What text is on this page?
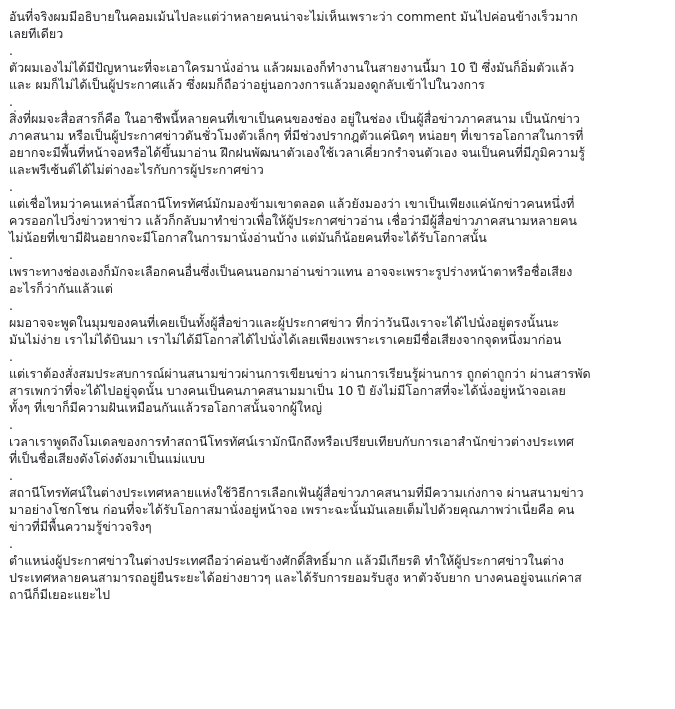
อันที่จริงผมมีอธิบายในคอมเม้นไปละแต่ว่าหลายคนน่าจะไม่เห็นเพราะว่า comment มันไปค่อนข้างเร็วมาก
เลยทีเดียว
.
ตัวผมเองไม่ได้มีปัญหานะที่จะเอาใครมานั่งอ่าน แล้วผมเองก็ทำงานในสายงานนี้มา 10 ปี ซึ่งมันก็อิ่มตัวแล้ว
และ ผมก็ไม่ได้เป็นผู้ประกาศแล้ว ซึ่งผมก็ถือว่าอยู่นอกวงการแล้วมองดูกลับเข้าไปในวงการ
.
สิ่งที่ผมจะสื่อสารก็คือ ในอาชีพนี้หลายคนที่เขาเป็นคนของช่อง อยู่ในช่อง เป็นผู้สื่อข่าวภาคสนาม เป็นนักข่าว
ภาคสนาม หรือเป็นผู้ประกาศข่าวดันชั่วโมงตัวเล็กๆ ที่มีช่วงปรากฎตัวแค่นิดๆ หน่อยๆ ที่เขารอโอกาสในการที่
อยากจะมีพื้นที่หน้าจอหรือได้ขึ้นมาอ่าน ฝึกฝนพัฒนาตัวเองใช้เวลาเคี่ยวกรำจนตัวเอง จนเป็นคนที่มีภูมิความรู้
และพรีเซ้นต์ได้ไม่ต่างอะไรกับการผู้ประกาศข่าว
.
แต่เชื่อไหมว่าคนเหล่านี้สถานีโทรทัศน์มักมองข้ามเขาตลอด แล้วยังมองว่า เขาเป็นเพียงแค่นักข่าวคนหนึ่งที่
ควรออกไปวิ่งข่าวหาข่าว แล้วก็กลับมาทำข่าวเพื่อให้ผู้ประกาศข่าวอ่าน เชื่อว่ามีผู้สื่อข่าวภาคสนามหลายคน
ไม่น้อยที่เขามีฝันอยากจะมีโอกาสในการมานั่งอ่านบ้าง แต่มันก็น้อยคนที่จะได้รับโอกาสนั้น
.
เพราะทางช่องเองก็มักจะเลือกคนอื่นซึ่งเป็นคนนอกมาอ่านข่าวแทน อาจจะเพราะรูปร่างหน้าตาหรือชื่อเสียง
อะไรก็ว่ากันแล้วแต่
.
ผมอาจจะพูดในมุมของคนที่เคยเป็นทั้งผู้สื่อข่าวและผู้ประกาศข่าว ที่กว่าวันนึงเราจะได้ไปนั่งอยู่ตรงนั้นนะ
มันไม่ง่าย เราไม่ได้บินมา เราไม่ได้มีโอกาสได้ไปนั่งได้เลยเพียงเพราะเราเคยมีชื่อเสียงจากจุดหนึ่งมาก่อน
.
แต่เราต้องสั่งสมประสบการณ์ผ่านสนามข่าวผ่านการเขียนข่าว ผ่านการเรียนรู้ผ่านการ ถูกด่าถูกว่า ผ่านสารพัด
สารเพกว่าที่จะได้ไปอยู่จุดนั้น บางคนเป็นคนภาคสนามมาเป็น 10 ปี ยังไม่มีโอกาสที่จะได้นั่งอยู่หน้าจอเลย
ทั้งๆ ที่เขาก็มีความฝันเหมือนกันแล้วรอโอกาสนั้นจากผู้ใหญ่
.
เวลาเราพูดถึงโมเดลของการทำสถานีโทรทัศน์เรามักนึกถึงหรือเปรียบเทียบกับการเอาสำนักข่าวต่างประเทศ
ที่เป็นชื่อเสียงดังโด่งดังมาเป็นแม่แบบ
.
สถานีโทรทัศน์ในต่างประเทศหลายแห่งใช้วิธีการเลือกเฟ้นผู้สื่อข่าวภาคสนามที่มีความเก่งกาจ ผ่านสนามข่าว
มาอย่างโชกโชน ก่อนที่จะได้รับโอกาสมานั่งอยู่หน้าจอ เพราะฉะนั้นมันเลยเต็มไปด้วยคุณภาพว่าเนี่ยคือ คน
ข่าวที่มีพื้นความรู้ข่าวจริงๆ
.
ตำแหน่งผู้ประกาศข่าวในต่างประเทศถือว่าค่อนข้างศักดิ์สิทธิ์มาก แล้วมีเกียรติ ทำให้ผู้ประกาศข่าวในต่าง
ประเทศหลายคนสามารถอยู่ยืนระยะได้อย่างยาวๆ และได้รับการยอมรับสูง หาตัวจับยาก บางคนอยู่จนแก่คาส
ถานีก็มีเยอะแยะไป
